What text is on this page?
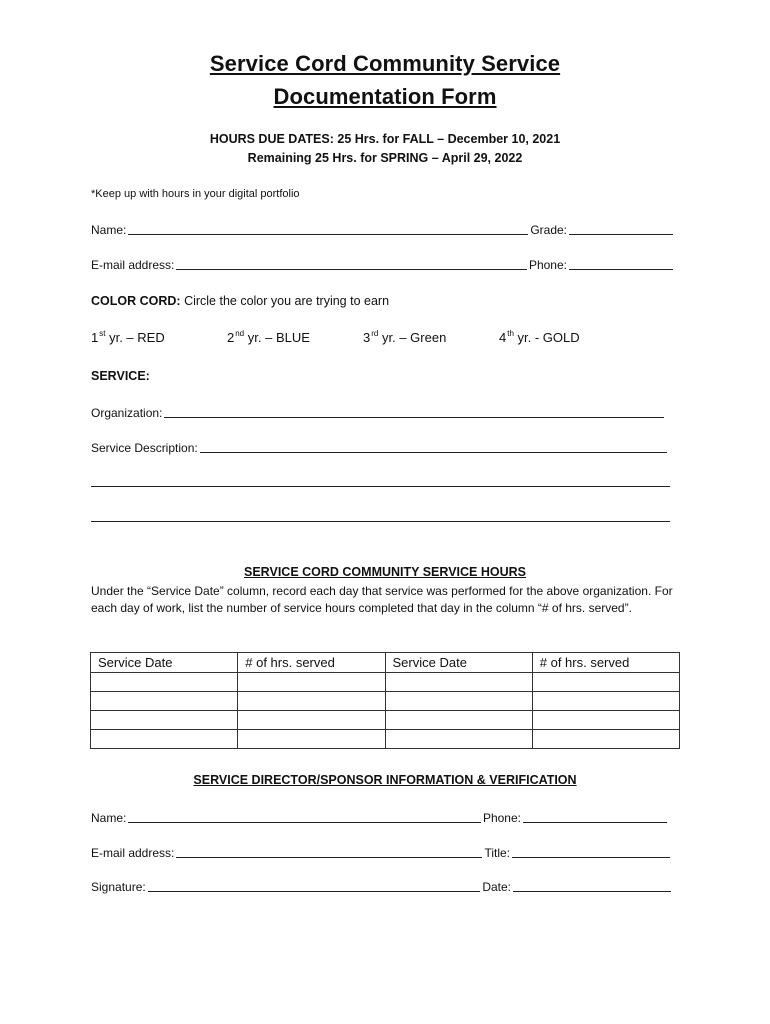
Service Cord Community Service
Documentation Form
HOURS DUE DATES: 25 Hrs. for FALL – December 10, 2021
Remaining 25 Hrs. for SPRING – April 29, 2022
*Keep up with hours in your digital portfolio
Name:	Grade:
E-mail address:	Phone:
COLOR CORD: Circle the color you are trying to earn
1st yr. – RED	2nd yr. – BLUE	3rd yr. – Green	4th yr. - GOLD
SERVICE:
Organization:
Service Description:
SERVICE CORD COMMUNITY SERVICE HOURS
Under the “Service Date” column, record each day that service was performed for the above organization. For each day of work, list the number of service hours completed that day in the column “# of hrs. served”.
Service Date	# of hrs. served	Service Date	# of hrs. served

SERVICE DIRECTOR/SPONSOR INFORMATION & VERIFICATION
Name:	Phone:
E-mail address:	Title:
Signature:	Date:
